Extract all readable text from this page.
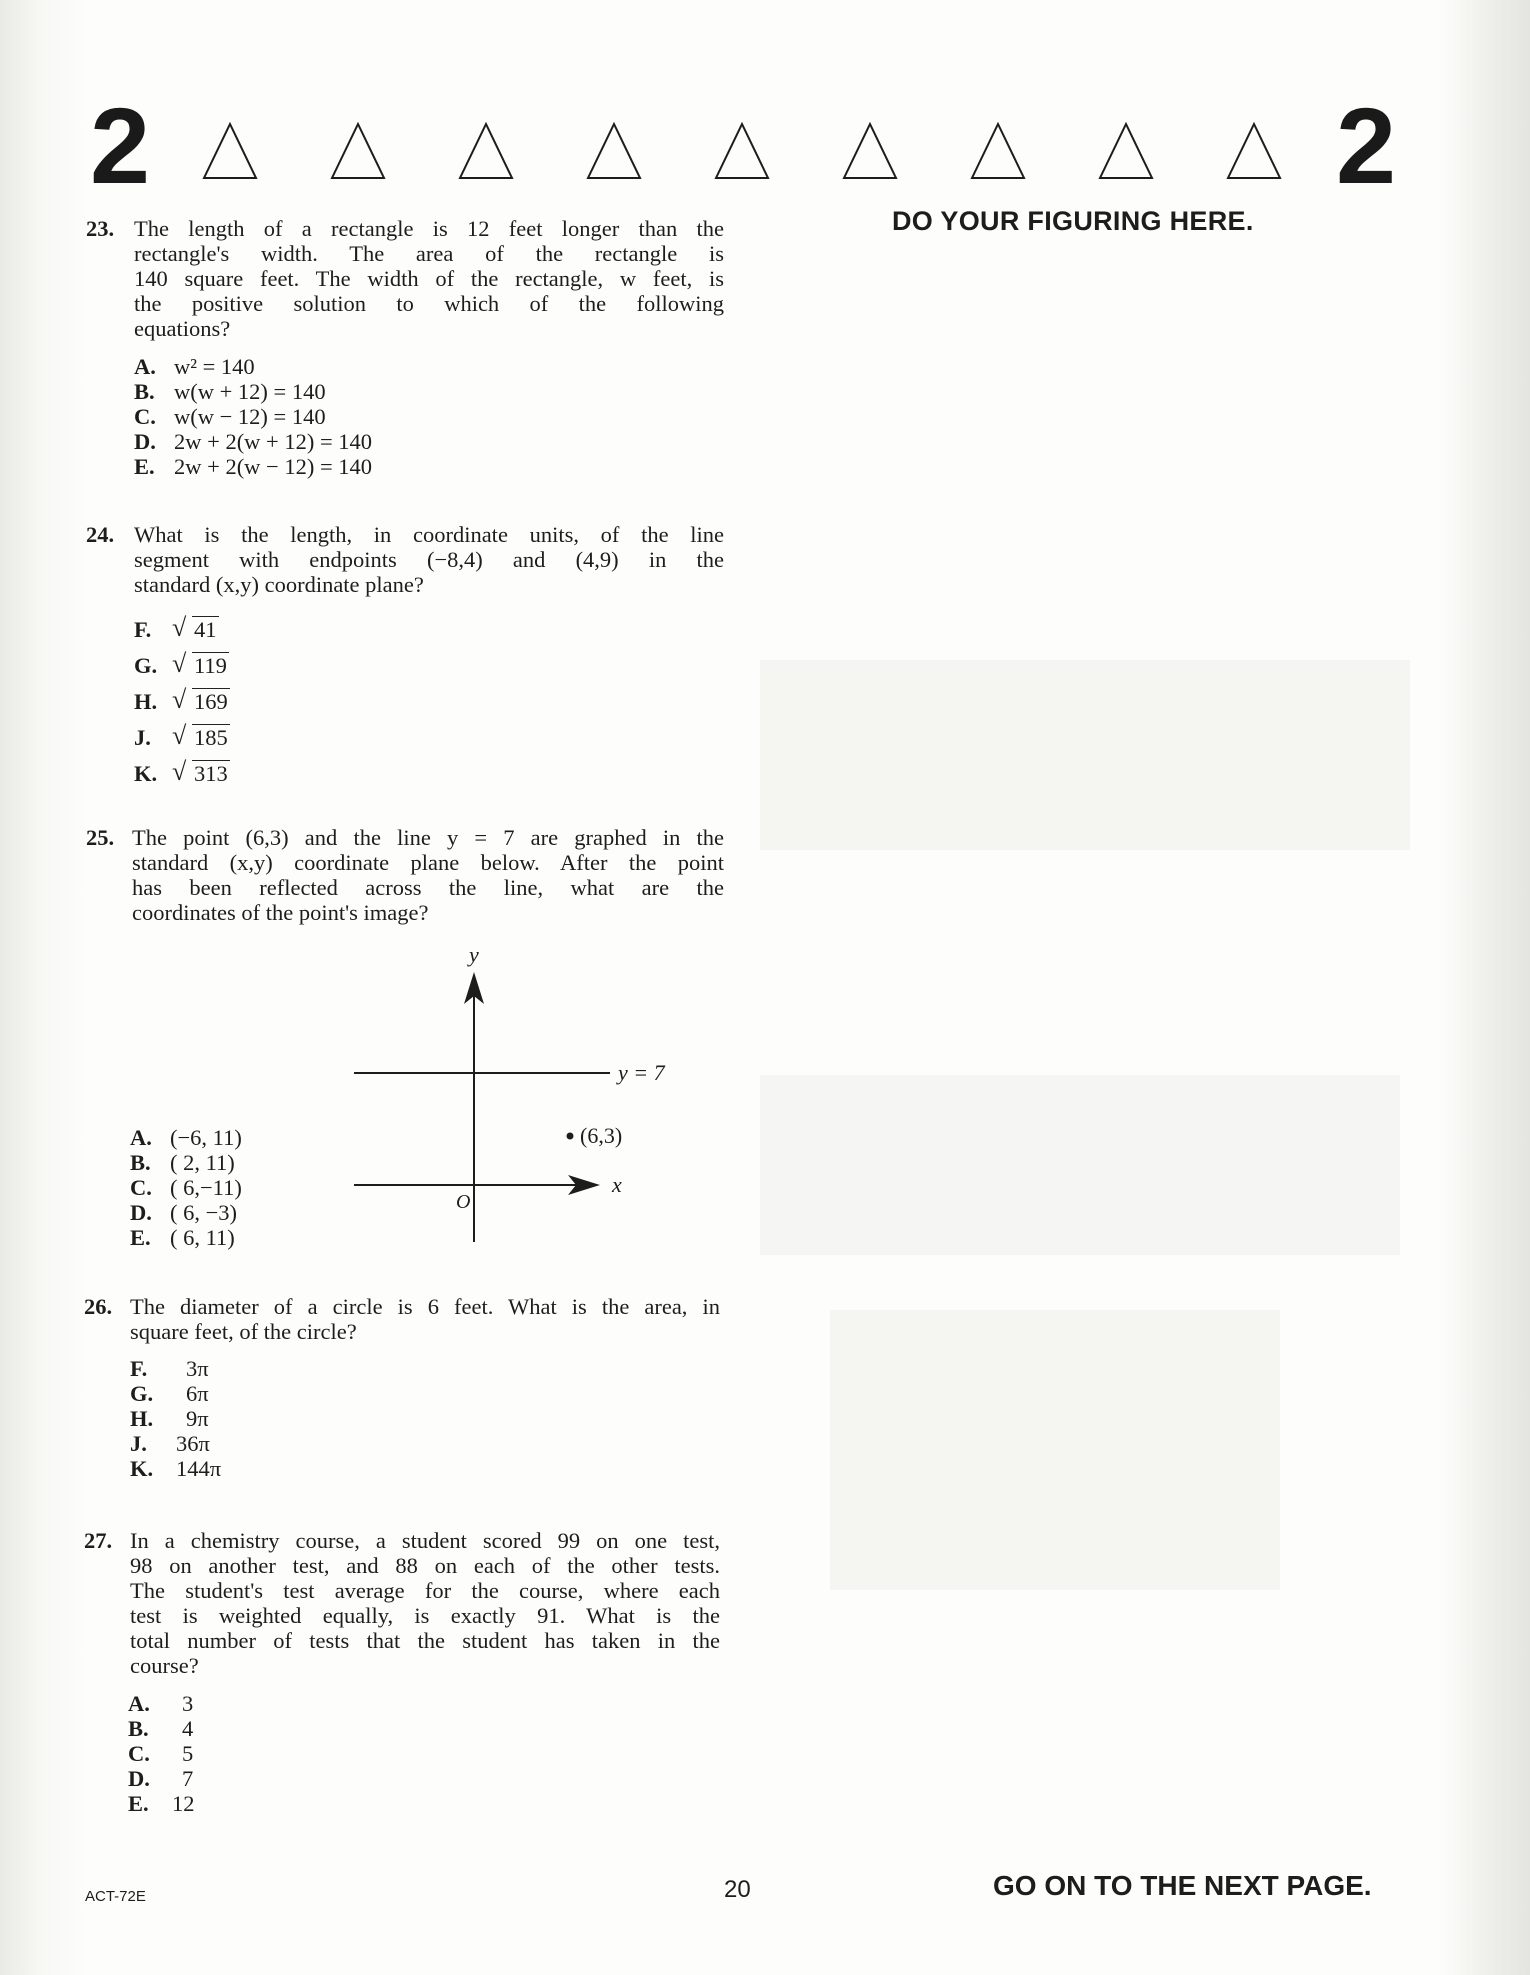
2	2
DO YOUR FIGURING HERE.
23. The length of a rectangle is 12 feet longer than the
rectangle's width. The area of the rectangle is
140 square feet. The width of the rectangle, w feet, is
the positive solution to which of the following
equations?
A. w² = 140
B. w(w + 12) = 140
C. w(w − 12) = 140
D. 2w + 2(w + 12) = 140
E. 2w + 2(w − 12) = 140
24. What is the length, in coordinate units, of the line
segment with endpoints (−8,4) and (4,9) in the
standard (x,y) coordinate plane?
F. √ 41
G. √ 119
H. √ 169
J. √ 185
K. √ 313
25. The point (6,3) and the line y = 7 are graphed in the
standard (x,y) coordinate plane below. After the point
has been reflected across the line, what are the
coordinates of the point's image?
A. (−6, 11)
B. ( 2, 11)
C. ( 6,−11)
D. ( 6, −3)
E. ( 6, 11)
y
x
O
y = 7
(6,3)
26. The diameter of a circle is 6 feet. What is the area, in
square feet, of the circle?
F. 3π
G. 6π
H. 9π
J. 36π
K. 144π
27. In a chemistry course, a student scored 99 on one test,
98 on another test, and 88 on each of the other tests.
The student's test average for the course, where each
test is weighted equally, is exactly 91. What is the
total number of tests that the student has taken in the
course?
A. 3
B. 4
C. 5
D. 7
E. 12
ACT-72E	20	GO ON TO THE NEXT PAGE.
